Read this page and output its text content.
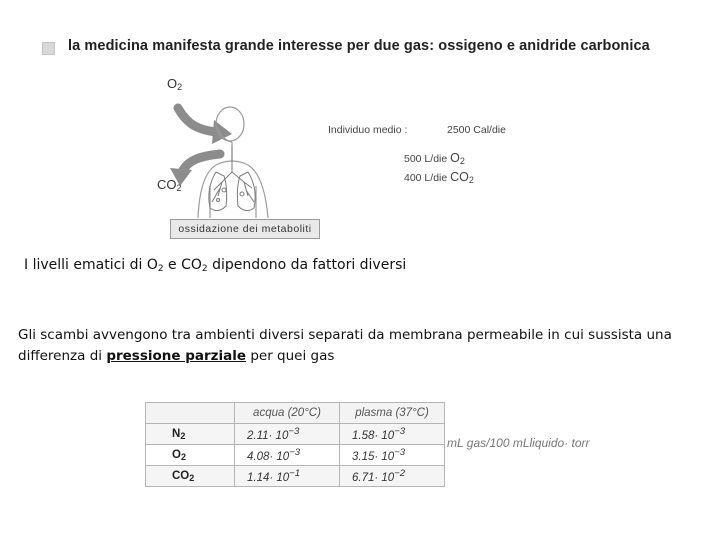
la medicina manifesta grande interesse per due gas: ossigeno e anidride carbonica
$O_2$
$CO_2$
ossidazione dei metaboliti
Individuo medio :	2500 Cal/die
500 L/die $O_2$
400 L/die $CO_2$
I livelli ematici di $O_2$ e $CO_2$ dipendono da fattori diversi
Gli scambi avvengono tra ambienti diversi separati da membrana permeabile in cui sussista una differenza di pressione parziale per quei gas
	acqua (20°C)	plasma (37°C)
$N_2$	$2.11\cdot 10^{-3}$	$1.58\cdot 10^{-3}$
$O_2$	$4.08\cdot 10^{-3}$	$3.15\cdot 10^{-3}$
$CO_2$	$1.14\cdot 10^{-1}$	$6.71\cdot 10^{-2}$
mL gas/100 mLliquido· torr
